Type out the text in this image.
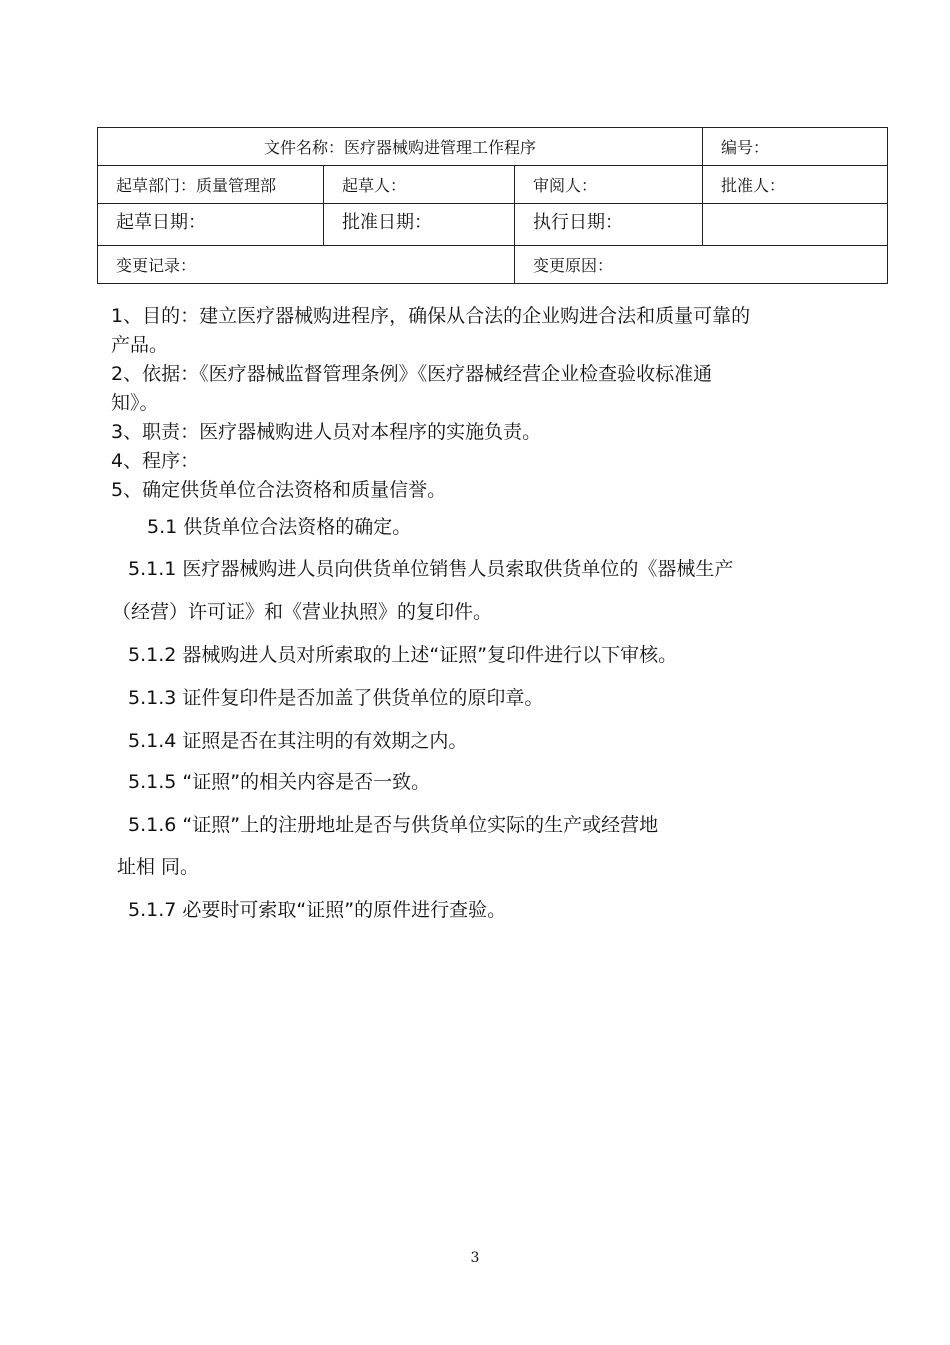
文件名称：医疗器械购进管理工作程序			编号：
起草部门：质量管理部	起草人：	审阅人：	批准人：
起草日期：	批准日期：	执行日期：	
变更记录：		变更原因：	

1、目的：建立医疗器械购进程序，确保从合法的企业购进合法和质量可靠的

产品。

2、依据：《医疗器械监督管理条例》《医疗器械经营企业检查验收标准通

知》。

3、职责：医疗器械购进人员对本程序的实施负责。

4、程序：

5、确定供货单位合法资格和质量信誉。

5.1 供货单位合法资格的确定。
5.1.1 医疗器械购进人员向供货单位销售人员索取供货单位的《器械生产
（经营）许可证》和《营业执照》的复印件。
5.1.2 器械购进人员对所索取的上述“证照”复印件进行以下审核。
5.1.3 证件复印件是否加盖了供货单位的原印章。
5.1.4 证照是否在其注明的有效期之内。
5.1.5 “证照”的相关内容是否一致。
5.1.6 “证照”上的注册地址是否与供货单位实际的生产或经营地
址相 同。
5.1.7 必要时可索取“证照”的原件进行查验。
3
